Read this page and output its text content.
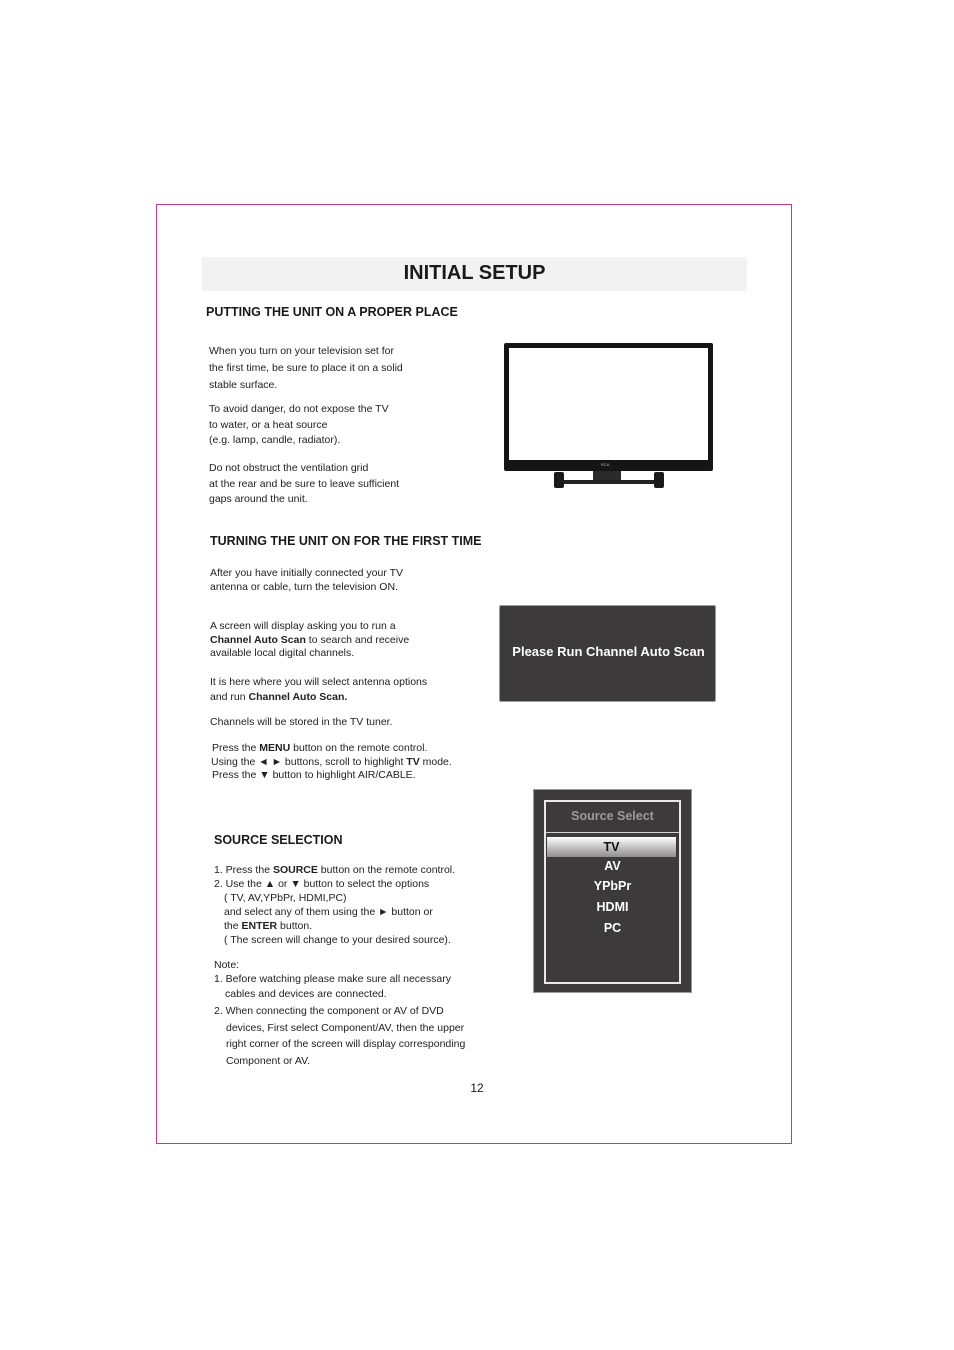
INITIAL SETUP
PUTTING THE UNIT ON A PROPER PLACE
When you turn on your television set for
the first time, be sure to place it on a solid
stable surface.
To avoid danger, do not expose the TV
to water, or a heat source
(e.g. lamp, candle, radiator).
Do not obstruct the ventilation grid
at the rear and be sure to leave sufficient
gaps around the unit.
RCA
TURNING THE UNIT ON FOR THE FIRST TIME
After you have initially connected your TV
antenna or cable, turn the television ON.
A screen will display asking you to run a
Channel Auto Scan to search and receive
available local digital channels.
It is here where you will select antenna options
and run Channel Auto Scan.
Channels will be stored in the TV tuner.
Press the MENU button on the remote control.
Using the ◄ ► buttons, scroll to highlight TV mode.
Press the ▼ button to highlight AIR/CABLE.
Please Run Channel Auto Scan
SOURCE SELECTION
1. Press the SOURCE button on the remote control.
2. Use the ▲ or ▼ button to select the options
( TV, AV,YPbPr, HDMI,PC)
and select any of them using the ► button or
the ENTER button.
( The screen will change to your desired source).
Note:
1. Before watching please make sure all necessary
cables and devices are connected.
2. When connecting the component or AV of DVD
devices, First select Component/AV, then the upper
right corner of the screen will display corresponding
Component or AV.
Source Select
TV
AV
YPbPr
HDMI
PC
12
